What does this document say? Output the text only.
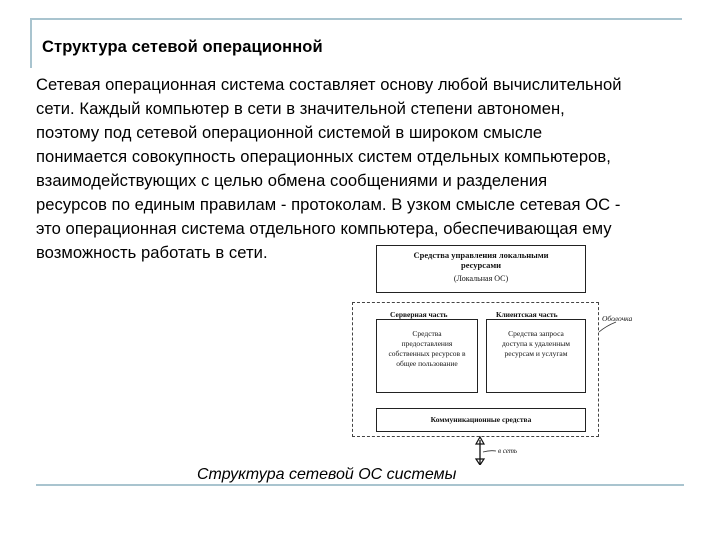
Структура сетевой операционной
Сетевая операционная система составляет основу любой вычислительной
сети. Каждый компьютер в сети в значительной степени автономен,
поэтому под сетевой операционной системой в широком смысле
понимается совокупность операционных систем отдельных компьютеров,
взаимодействующих с целью обмена сообщениями и разделения
ресурсов по единым правилам - протоколам. В узком смысле сетевая ОС -
это операционная система отдельного компьютера, обеспечивающая ему
возможность работать в сети.	Средства управления локальными ресурсами
(Локальная ОС)
Серверная часть	Клиентская часть
Средства предоставления собственных ресурсов в общее пользование
Средства запроса доступа к удаленным ресурсам и услугам
Коммуникационные средства
Оболочка
в сеть
Структура сетевой ОС системы
